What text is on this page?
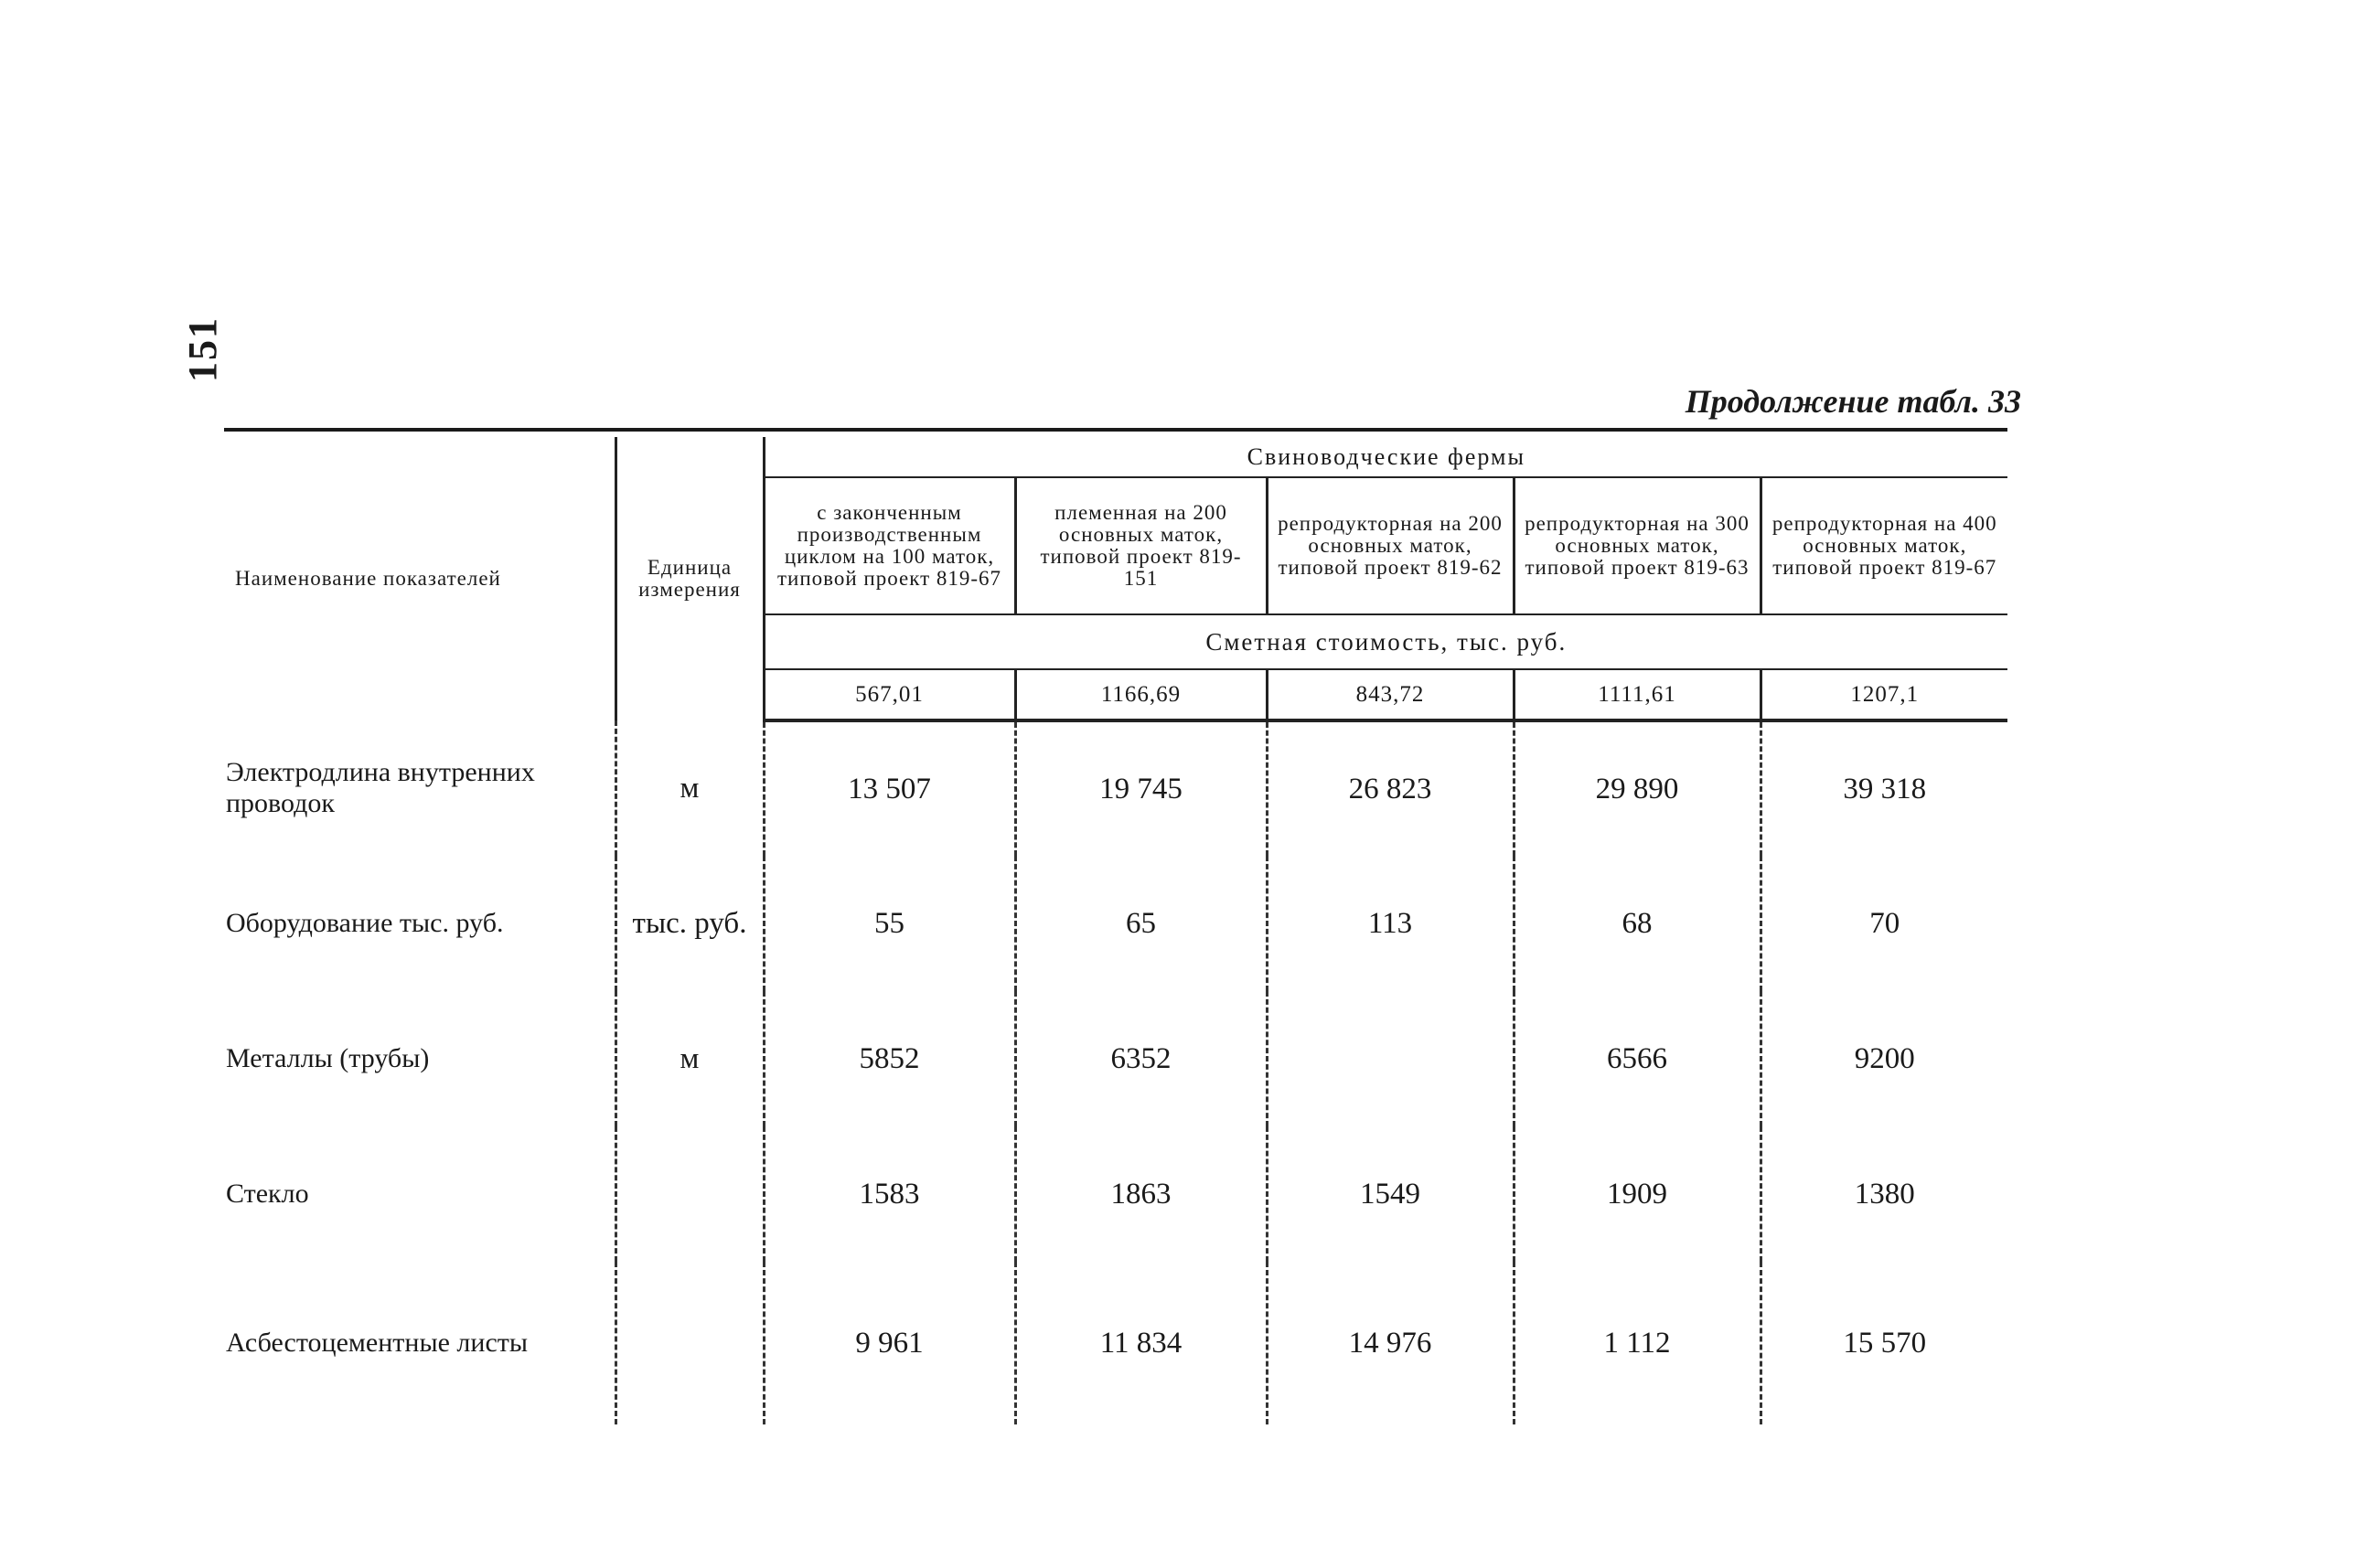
151
Продолжение табл. 33
Наименование показателей	Единица измерения	Свиноводческие фермы				
		с законченным производственным циклом на 100 маток, типовой проект 819-67	племенная на 200 основных маток, типовой проект 819-151	репродукторная на 200 основных маток, типовой проект 819-62	репродукторная на 300 основных маток, типовой проект 819-63	репродукторная на 400 основных маток, типовой проект 819-67
		Сметная стоимость, тыс. руб.				
		567,01	1166,69	843,72	1111,61	1207,1
Электродлина внутренних проводок	м	13 507	19 745	26 823	29 890	39 318
Оборудование тыс. руб.	тыс. руб.	55	65	113	68	70
Металлы (трубы)	м	5852	6352		6566	9200
Стекло		1583	1863	1549	1909	1380
Асбестоцементные листы		9 961	11 834	14 976	1 112	15 570
